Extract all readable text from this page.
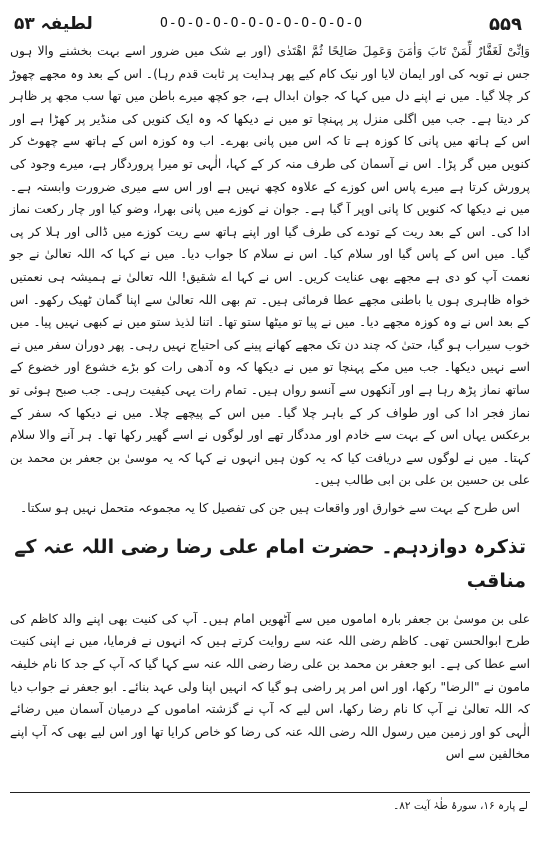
۵۵۹
O-O-O-O-O-O-O-O-O-O-O-O
لطیفہ ۵۳

وَاِنِّیْ لَغَفَّارٌ لِّمَنْ تَابَ وَاٰمَنَ وَعَمِلَ صَالِحًا ثُمَّ اهْتَدٰی (اور بے شک میں ضرور اسے بہت بخشنے والا ہوں جس نے توبہ کی اور ایمان لایا اور نیک کام کیے پھر ہدایت پر ثابت قدم رہا)۔ اس کے بعد وہ مجھے چھوڑ کر چلا گیا۔ میں نے اپنے دل میں کہا کہ جوان ابدال ہے، جو کچھ میرے باطن میں تھا سب مجھ پر ظاہر کر دیتا ہے۔ جب میں اگلی منزل پر پہنچا تو میں نے دیکھا کہ وہ ایک کنویں کی منڈیر پر کھڑا ہے اور اس کے ہاتھ میں پانی کا کوزہ ہے تا کہ اس میں پانی بھرے۔ اب وہ کوزہ اس کے ہاتھ سے چھوٹ کر کنویں میں گر پڑا۔ اس نے آسمان کی طرف منہ کر کے کہا، الٰہی تو میرا پروردگار ہے، میرے وجود کی پرورش کرتا ہے میرے پاس اس کوزے کے علاوہ کچھ نہیں ہے اور اس سے میری ضرورت وابستہ ہے۔ میں نے دیکھا کہ کنویں کا پانی اوپر آ گیا ہے۔ جوان نے کوزے میں پانی بھرا، وضو کیا اور چار رکعت نماز ادا کی۔ اس کے بعد ریت کے تودے کی طرف گیا اور اپنے ہاتھ سے ریت کوزے میں ڈالی اور ہلا کر پی گیا۔ میں اس کے پاس گیا اور سلام کیا۔ اس نے سلام کا جواب دیا۔ میں نے کہا کہ اللہ تعالیٰ نے جو نعمت آپ کو دی ہے مجھے بھی عنایت کریں۔ اس نے کہا اے شقیق! اللہ تعالیٰ نے ہمیشہ ہی نعمتیں خواہ ظاہری ہوں یا باطنی مجھے عطا فرمائی ہیں۔ تم بھی اللہ تعالیٰ سے اپنا گمان ٹھیک رکھو۔ اس کے بعد اس نے وہ کوزہ مجھے دیا۔ میں نے پیا تو میٹھا ستو تھا۔ اتنا لذیذ ستو میں نے کبھی نہیں پیا۔ میں خوب سیراب ہو گیا، حتیٰ کہ چند دن تک مجھے کھانے پینے کی احتیاج نہیں رہی۔ پھر دوران سفر میں نے اسے نہیں دیکھا۔ جب میں مکے پہنچا تو میں نے دیکھا کہ وہ آدھی رات کو بڑے خشوع اور خضوع کے ساتھ نماز پڑھ رہا ہے اور آنکھوں سے آنسو رواں ہیں۔ تمام رات یہی کیفیت رہی۔ جب صبح ہوئی تو نماز فجر ادا کی اور طواف کر کے باہر چلا گیا۔ میں اس کے پیچھے چلا۔ میں نے دیکھا کہ سفر کے برعکس یہاں اس کے بہت سے خادم اور مددگار تھے اور لوگوں نے اسے گھیر رکھا تھا۔ ہر آنے والا سلام کہتا۔ میں نے لوگوں سے دریافت کیا کہ یہ کون ہیں انہوں نے کہا کہ یہ موسیٰ بن جعفر بن محمد بن علی بن حسین بن علی بن ابی طالب ہیں۔

اس طرح کے بہت سے خوارق اور واقعات ہیں جن کی تفصیل کا یہ مجموعہ متحمل نہیں ہو سکتا۔

تذکرہ دوازدہم۔ حضرت امام علی رضا رضی اللہ عنہ کے مناقب

علی بن موسیٰ بن جعفر بارہ اماموں میں سے آٹھویں امام ہیں۔ آپ کی کنیت بھی اپنے والد کاظم کی طرح ابوالحسن تھی۔ کاظم رضی اللہ عنہ سے روایت کرتے ہیں کہ انہوں نے فرمایا، میں نے اپنی کنیت اسے عطا کی ہے۔ ابو جعفر بن محمد بن علی رضا رضی اللہ عنہ سے کہا گیا کہ آپ کے جد کا نام خلیفہ مامون نے "الرضا" رکھا، اور اس امر پر راضی ہو گیا کہ انہیں اپنا ولی عہد بنائے۔ ابو جعفر نے جواب دیا کہ اللہ تعالیٰ نے آپ کا نام رضا رکھا، اس لیے کہ آپ نے گزشتہ اماموں کے درمیان آسمان میں رضائے الٰہی کو اور زمین میں رسول اللہ رضی اللہ عنہ کی رضا کو خاص کرایا تھا اور اس لیے بھی کہ آپ اپنے مخالفین سے اس

لے پارہ ۱۶، سورۂ طٰہٰ آیت ۸۲۔
